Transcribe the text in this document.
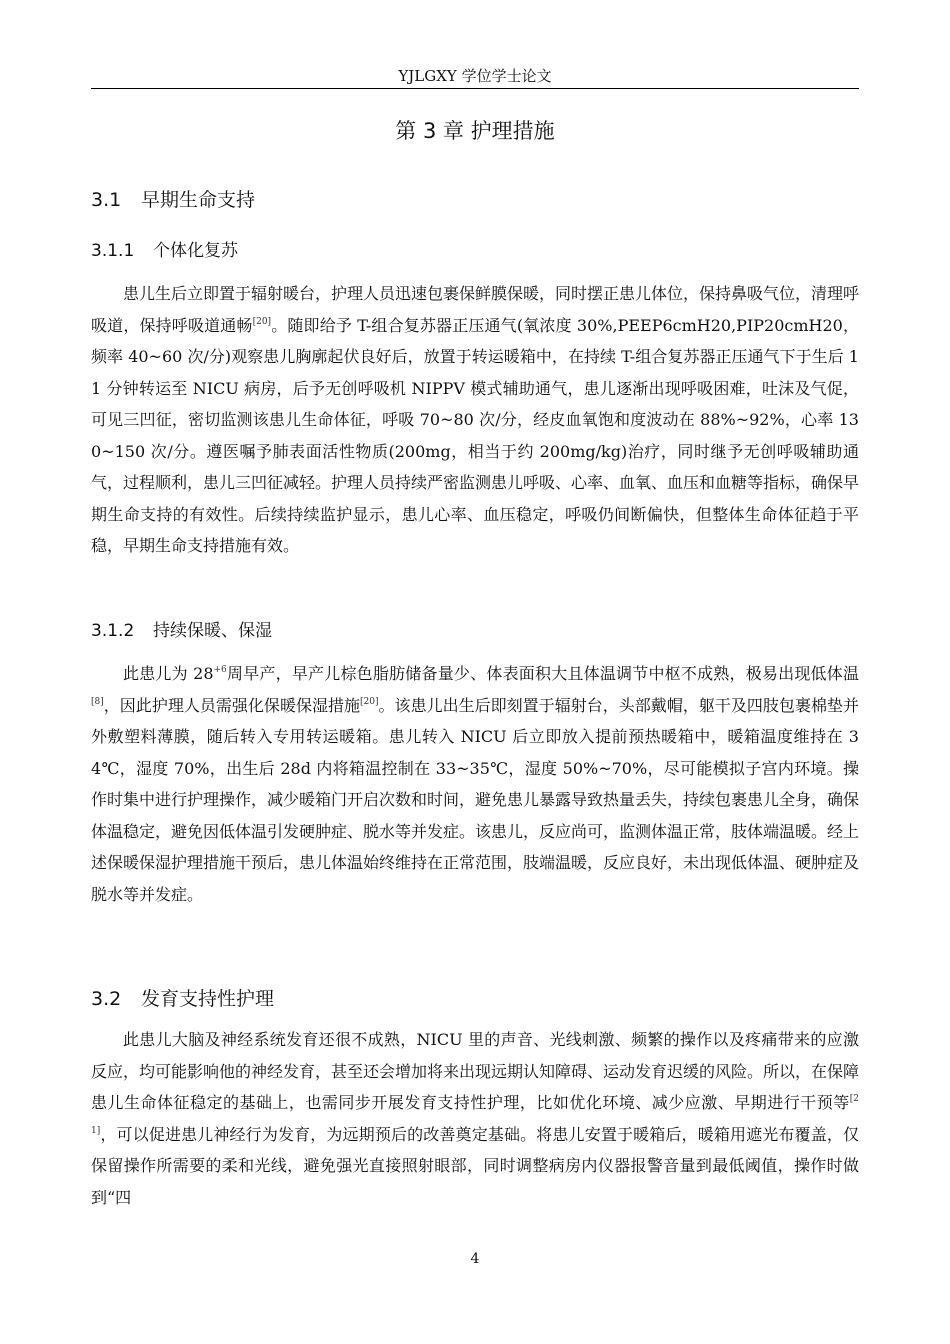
YJLGXY 学位学士论文
第 3 章 护理措施
3.1 早期生命支持
3.1.1 个体化复苏

患儿生后立即置于辐射暖台，护理人员迅速包裹保鲜膜保暖，同时摆正患儿体位，保持鼻吸气位，清理呼吸道，保持呼吸道通畅[20]。随即给予 T-组合复苏器正压通气(氧浓度 30%,PEEP6cmH20,PIP20cmH20，频率 40~60 次/分)观察患儿胸廓起伏良好后，放置于转运暖箱中，在持续 T-组合复苏器正压通气下于生后 11 分钟转运至 NICU 病房，后予无创呼吸机 NIPPV 模式辅助通气，患儿逐渐出现呼吸困难，吐沫及气促，可见三凹征，密切监测该患儿生命体征，呼吸 70~80 次/分，经皮血氧饱和度波动在 88%~92%，心率 130~150 次/分。遵医嘱予肺表面活性物质(200mg，相当于约 200mg/kg)治疗，同时继予无创呼吸辅助通气，过程顺利，患儿三凹征减轻。护理人员持续严密监测患儿呼吸、心率、血氧、血压和血糖等指标，确保早期生命支持的有效性。后续持续监护显示，患儿心率、血压稳定，呼吸仍间断偏快，但整体生命体征趋于平稳，早期生命支持措施有效。

3.1.2 持续保暖、保湿

此患儿为 $28^{+6}$周早产，早产儿棕色脂肪储备量少、体表面积大且体温调节中枢不成熟，极易出现低体温[8]，因此护理人员需强化保暖保湿措施[20]。该患儿出生后即刻置于辐射台，头部戴帽，躯干及四肢包裹棉垫并外敷塑料薄膜，随后转入专用转运暖箱。患儿转入 NICU 后立即放入提前预热暖箱中，暖箱温度维持在 34℃，湿度 70%，出生后 28d 内将箱温控制在 33~35℃，湿度 50%~70%，尽可能模拟子宫内环境。操作时集中进行护理操作，减少暖箱门开启次数和时间，避免患儿暴露导致热量丢失，持续包裹患儿全身，确保体温稳定，避免因低体温引发硬肿症、脱水等并发症。该患儿，反应尚可，监测体温正常，肢体端温暖。经上述保暖保湿护理措施干预后，患儿体温始终维持在正常范围，肢端温暖，反应良好，未出现低体温、硬肿症及脱水等并发症。

3.2 发育支持性护理

此患儿大脑及神经系统发育还很不成熟，NICU 里的声音、光线刺激、频繁的操作以及疼痛带来的应激反应，均可能影响他的神经发育，甚至还会增加将来出现远期认知障碍、运动发育迟缓的风险。所以，在保障患儿生命体征稳定的基础上，也需同步开展发育支持性护理，比如优化环境、减少应激、早期进行干预等[21]，可以促进患儿神经行为发育，为远期预后的改善奠定基础。将患儿安置于暖箱后，暖箱用遮光布覆盖，仅保留操作所需要的柔和光线，避免强光直接照射眼部，同时调整病房内仪器报警音量到最低阈值，操作时做到“四

4
